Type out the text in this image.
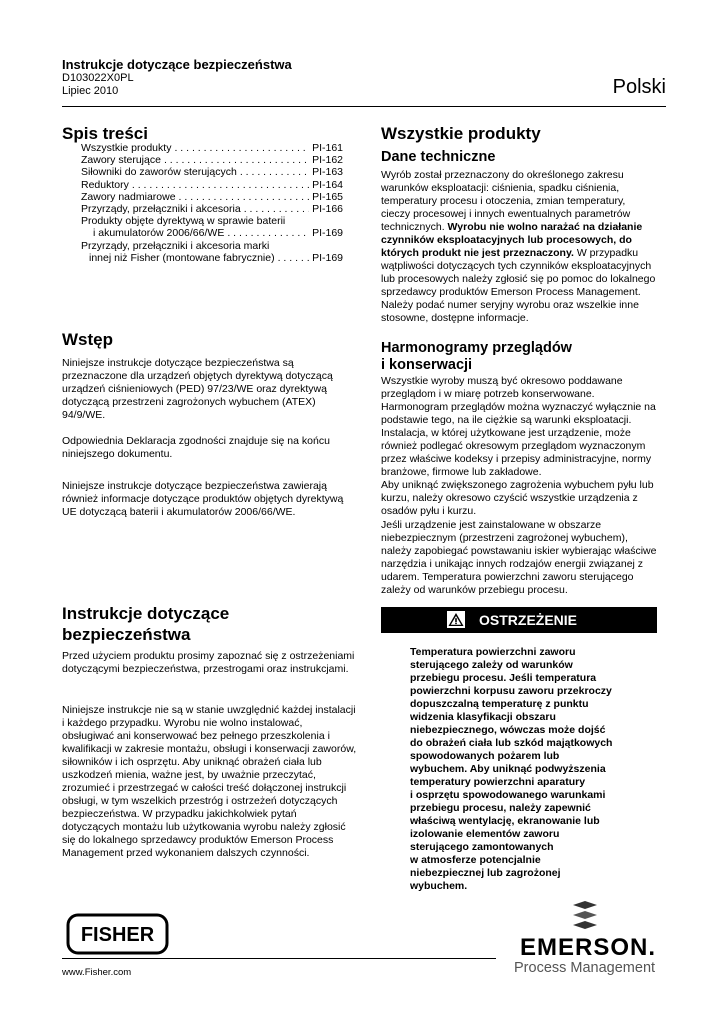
Instrukcje dotyczące bezpieczeństwa
D103022X0PL
Lipiec 2010	Polski
Spis treści
Wszystkie produkty . . .	PI-161
Zawory sterujące . . .	PI-162
Siłowniki do zaworów sterujących . . .	PI-163
Reduktory . . .	PI-164
Zawory nadmiarowe . . .	PI-165
Przyrządy, przełączniki i akcesoria . . .	PI-166
Produkty objęte dyrektywą w sprawie baterii
i akumulatorów 2006/66/WE . . .	PI-169
Przyrządy, przełączniki i akcesoria marki
innej niż Fisher (montowane fabrycznie) . . .	PI-169
Wstęp

Niniejsze instrukcje dotyczące bezpieczeństwa są przeznaczone dla urządzeń objętych dyrektywą dotyczącą urządzeń ciśnieniowych (PED) 97/23/WE oraz dyrektywą dotyczącą przestrzeni zagrożonych wybuchem (ATEX) 94/9/WE.

Odpowiednia Deklaracja zgodności znajduje się na końcu niniejszego dokumentu.

Niniejsze instrukcje dotyczące bezpieczeństwa zawierają również informacje dotyczące produktów objętych dyrektywą UE dotyczącą baterii i akumulatorów 2006/66/WE.

Instrukcje dotyczące
bezpieczeństwa

Przed użyciem produktu prosimy zapoznać się z ostrzeżeniami dotyczącymi bezpieczeństwa, przestrogami oraz instrukcjami.

Niniejsze instrukcje nie są w stanie uwzględnić każdej instalacji i każdego przypadku. Wyrobu nie wolno instalować, obsługiwać ani konserwować bez pełnego przeszkolenia i kwalifikacji w zakresie montażu, obsługi i konserwacji zaworów, siłowników i ich osprzętu. Aby uniknąć obrażeń ciała lub uszkodzeń mienia, ważne jest, by uważnie przeczytać, zrozumieć i przestrzegać w całości treść dołączonej instrukcji obsługi, w tym wszelkich przestróg i ostrzeżeń dotyczących bezpieczeństwa. W przypadku jakichkolwiek pytań dotyczących montażu lub użytkowania wyrobu należy zgłosić się do lokalnego sprzedawcy produktów Emerson Process Management przed wykonaniem dalszych czynności.

Wszystkie produkty
Dane techniczne

Wyrób został przeznaczony do określonego zakresu warunków eksploatacji: ciśnienia, spadku ciśnienia, temperatury procesu i otoczenia, zmian temperatury, cieczy procesowej i innych ewentualnych parametrów technicznych. Wyrobu nie wolno narażać na działanie czynników eksploatacyjnych lub procesowych, do których produkt nie jest przeznaczony. W przypadku wątpliwości dotyczących tych czynników eksploatacyjnych lub procesowych należy zgłosić się po pomoc do lokalnego sprzedawcy produktów Emerson Process Management. Należy podać numer seryjny wyrobu oraz wszelkie inne stosowne, dostępne informacje.

Harmonogramy przeglądów
i konserwacji

Wszystkie wyroby muszą być okresowo poddawane przeglądom i w miarę potrzeb konserwowane. Harmonogram przeglądów można wyznaczyć wyłącznie na podstawie tego, na ile ciężkie są warunki eksploatacji. Instalacja, w której użytkowane jest urządzenie, może również podlegać okresowym przeglądom wyznaczonym przez właściwe kodeksy i przepisy administracyjne, normy branżowe, firmowe lub zakładowe.

Aby uniknąć zwiększonego zagrożenia wybuchem pyłu lub kurzu, należy okresowo czyścić wszystkie urządzenia z osadów pyłu i kurzu.

Jeśli urządzenie jest zainstalowane w obszarze niebezpiecznym (przestrzeni zagrożonej wybuchem), należy zapobiegać powstawaniu iskier wybierając właściwe narzędzia i unikając innych rodzajów energii związanej z udarem. Temperatura powierzchni zaworu sterującego zależy od warunków przebiegu procesu.

OSTRZEŻENIE
Temperatura powierzchni zaworu
sterującego zależy od warunków
przebiegu procesu. Jeśli temperatura
powierzchni korpusu zaworu przekroczy
dopuszczalną temperaturę z punktu
widzenia klasyfikacji obszaru
niebezpiecznego, wówczas może dojść
do obrażeń ciała lub szkód majątkowych
spowodowanych pożarem lub
wybuchem. Aby uniknąć podwyższenia
temperatury powierzchni aparatury
i osprzętu spowodowanego warunkami
przebiegu procesu, należy zapewnić
właściwą wentylację, ekranowanie lub
izolowanie elementów zaworu
sterującego zamontowanych
w atmosferze potencjalnie
niebezpiecznej lub zagrożonej
wybuchem.
FISHER
www.Fisher.com
EMERSON.
Process Management
